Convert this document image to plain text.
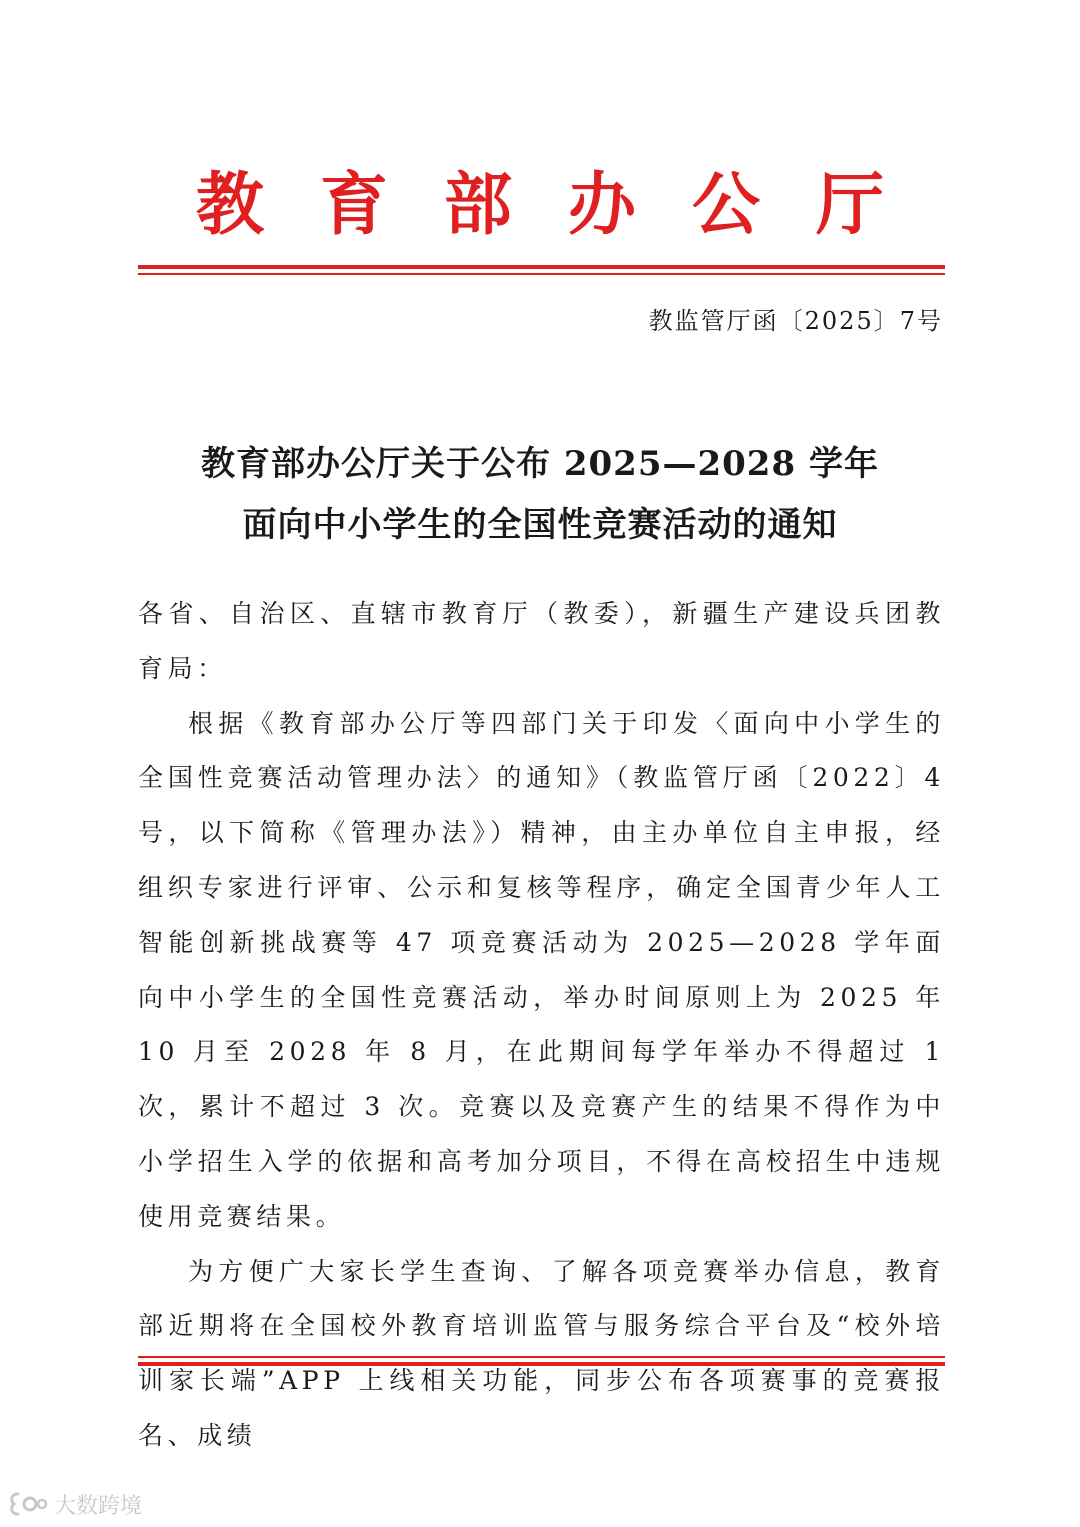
教育部办公厅
教监管厅函〔2025〕7号
教育部办公厅关于公布 2025—2028 学年
面向中小学生的全国性竞赛活动的通知

各省、自治区、直辖市教育厅（教委），新疆生产建设兵团教育局：

根据《教育部办公厅等四部门关于印发〈面向中小学生的全国性竞赛活动管理办法〉的通知》（教监管厅函〔2022〕4 号，以下简称《管理办法》）精神，由主办单位自主申报，经组织专家进行评审、公示和复核等程序，确定全国青少年人工智能创新挑战赛等 47 项竞赛活动为 2025—2028 学年面向中小学生的全国性竞赛活动，举办时间原则上为 2025 年 10 月至 2028 年 8 月，在此期间每学年举办不得超过 1 次，累计不超过 3 次。竞赛以及竞赛产生的结果不得作为中小学招生入学的依据和高考加分项目，不得在高校招生中违规使用竞赛结果。

为方便广大家长学生查询、了解各项竞赛举办信息，教育部近期将在全国校外教育培训监管与服务综合平台及“校外培训家长端”APP 上线相关功能，同步公布各项赛事的竞赛报名、成绩

大数跨境
